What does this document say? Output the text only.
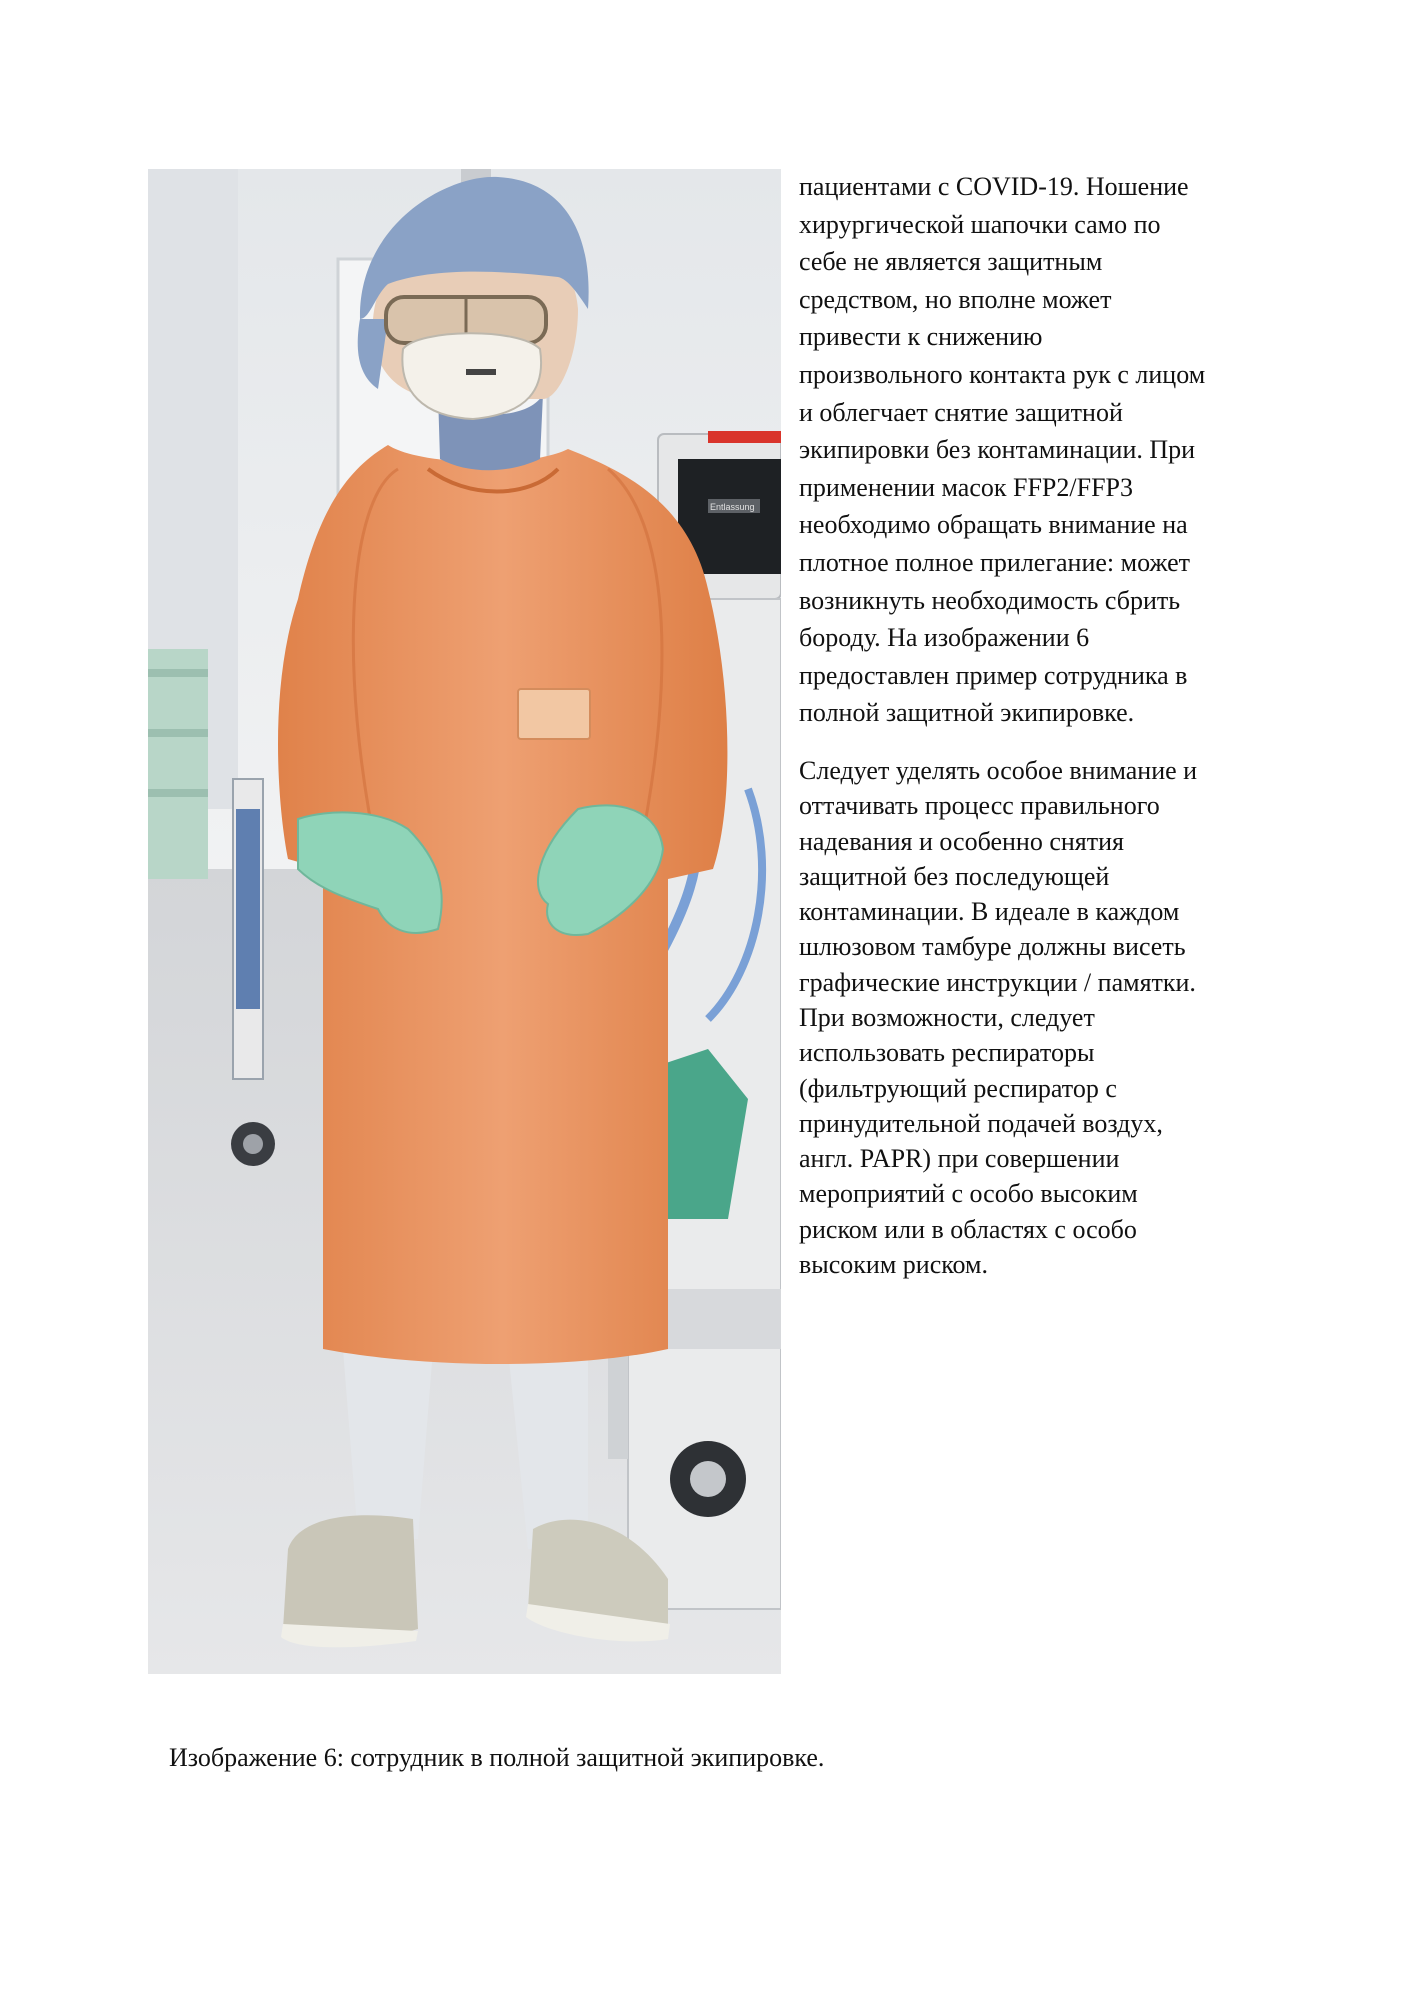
Entlassung
пациентами с COVID-19. Ношение
хирургической шапочки само по
себе не является защитным
средством, но вполне может
привести к снижению
произвольного контакта рук с лицом
и облегчает снятие защитной
экипировки без контаминации. При
применении масок FFP2/FFP3
необходимо обращать внимание на
плотное полное прилегание: может
возникнуть необходимость сбрить
бороду. На изображении 6
предоставлен пример сотрудника в
полной защитной экипировке.
Следует уделять особое внимание и
оттачивать процесс правильного
надевания и особенно снятия
защитной без последующей
контаминации. В идеале в каждом
шлюзовом тамбуре должны висеть
графические инструкции / памятки.
При возможности, следует
использовать респираторы
(фильтрующий респиратор с
принудительной подачей воздух,
англ. PAPR) при совершении
мероприятий с особо высоким
риском или в областях с особо
высоким риском.
Изображение 6: сотрудник в полной защитной экипировке.
